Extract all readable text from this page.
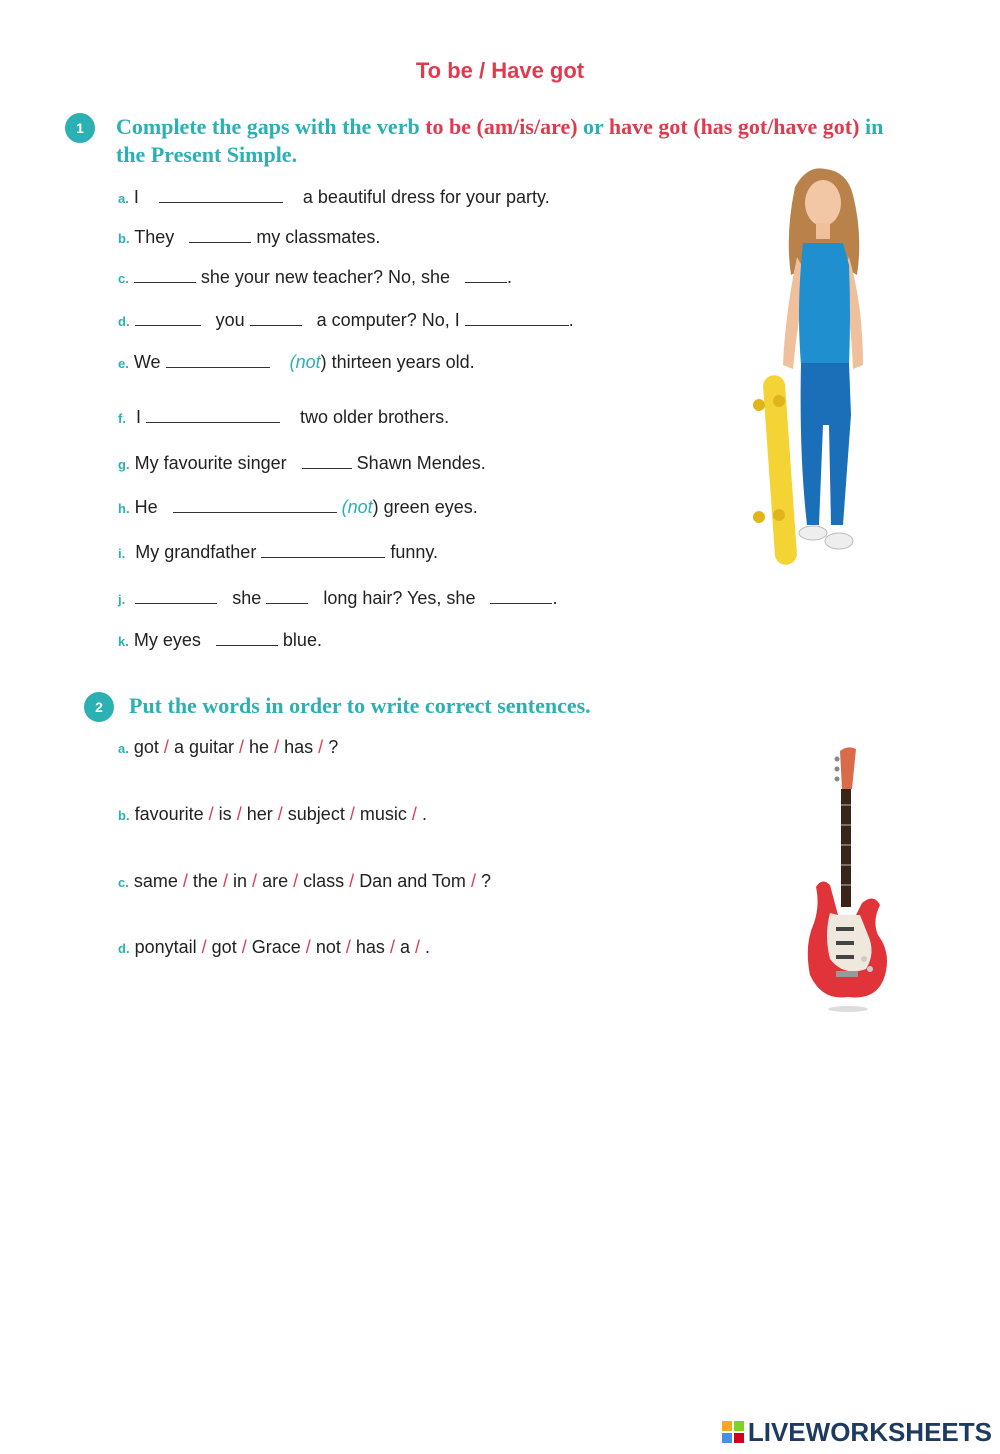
To be / Have got
1	Complete the gaps with the verb to be (am/is/are) or have got (has got/have got) in
the Present Simple.
a. I	a beautiful dress for your party.
b. They	my classmates.
c.	she your new teacher? No, she	.
d.	you	a computer? No, I	.
e. We	(not) thirteen years old.
f. I	two older brothers.
g. My favourite singer	Shawn Mendes.
h. He	(not) green eyes.
i. My grandfather	funny.
j.	she	long hair? Yes, she	.
k. My eyes	blue.
2	Put the words in order to write correct sentences.
a. got / a guitar / he / has / ?
b. favourite / is / her / subject / music / .
c. same / the / in / are / class / Dan and Tom / ?
d. ponytail / got / Grace / not / has / a / .
LIVEWORKSHEETS
